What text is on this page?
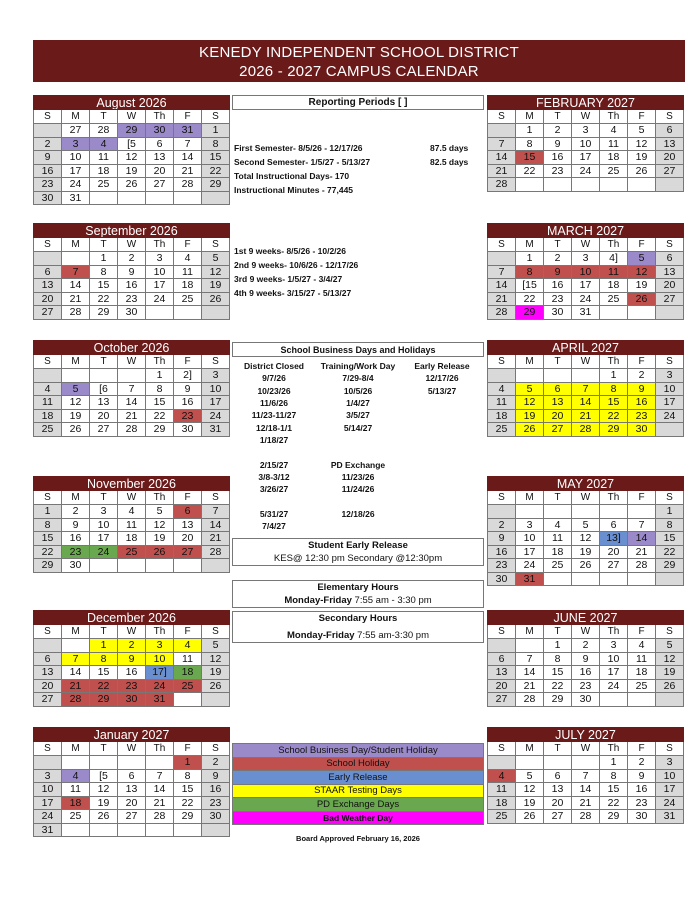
KENEDY INDEPENDENT SCHOOL DISTRICT
2026 - 2027 CAMPUS CALENDAR
August 2026						
S	M	T	W	Th	F	S
	27	28	29	30	31	1
2	3	4	[5	6	7	8
9	10	11	12	13	14	15
16	17	18	19	20	21	22
23	24	25	26	27	28	29
30	31					
September 2026						
S	M	T	W	Th	F	S
		1	2	3	4	5
6	7	8	9	10	11	12
13	14	15	16	17	18	19
20	21	22	23	24	25	26
27	28	29	30			
October 2026						
S	M	T	W	Th	F	S
				1	2]	3
4	5	[6	7	8	9	10
11	12	13	14	15	16	17
18	19	20	21	22	23	24
25	26	27	28	29	30	31
November 2026						
S	M	T	W	Th	F	S
1	2	3	4	5	6	7
8	9	10	11	12	13	14
15	16	17	18	19	20	21
22	23	24	25	26	27	28
29	30					
December 2026						
S	M	T	W	Th	F	S
		1	2	3	4	5
6	7	8	9	10	11	12
13	14	15	16	17]	18	19
20	21	22	23	24	25	26
27	28	29	30	31		
January 2027						
S	M	T	W	Th	F	S
					1	2
3	4	[5	6	7	8	9
10	11	12	13	14	15	16
17	18	19	20	21	22	23
24	25	26	27	28	29	30
31						
FEBRUARY 2027						
S	M	T	W	Th	F	S
	1	2	3	4	5	6
7	8	9	10	11	12	13
14	15	16	17	18	19	20
21	22	23	24	25	26	27
28						
MARCH 2027						
S	M	T	W	Th	F	S
	1	2	3	4]	5	6
7	8	9	10	11	12	13
14	[15	16	17	18	19	20
21	22	23	24	25	26	27
28	29	30	31			
APRIL 2027						
S	M	T	W	Th	F	S
				1	2	3
4	5	6	7	8	9	10
11	12	13	14	15	16	17
18	19	20	21	22	23	24
25	26	27	28	29	30	
MAY 2027						
S	M	T	W	Th	F	S
						1
2	3	4	5	6	7	8
9	10	11	12	13]	14	15
16	17	18	19	20	21	22
23	24	25	26	27	28	29
30	31					
JUNE 2027						
S	M	T	W	Th	F	S
		1	2	3	4	5
6	7	8	9	10	11	12
13	14	15	16	17	18	19
20	21	22	23	24	25	26
27	28	29	30			
JULY 2027						
S	M	T	W	Th	F	S
				1	2	3
4	5	6	7	8	9	10
11	12	13	14	15	16	17
18	19	20	21	22	23	24
25	26	27	28	29	30	31
Reporting Periods [ ]
First Semester- 8/5/26 - 12/17/26	87.5 days
Second Semester- 1/5/27 - 5/13/27	82.5 days
Total Instructional Days- 170
Instructional Minutes - 77,445
1st 9 weeks- 8/5/26 - 10/2/26
2nd 9 weeks- 10/6/26 - 12/17/26
3rd 9 weeks- 1/5/27 - 3/4/27
4th 9 weeks- 3/15/27 - 5/13/27
School Business Days and Holidays
District Closed	Training/Work Day	Early Release
9/7/26	7/29-8/4	12/17/26
10/23/26	10/5/26	5/13/27
11/6/26	1/4/27	
11/23-11/27	3/5/27	
12/18-1/1	5/14/27	
1/18/27		

2/15/27	PD Exchange	
3/8-3/12	11/23/26	
3/26/27	11/24/26	

5/31/27	12/18/26	
7/4/27		
Student Early Release
KES@ 12:30 pm Secondary @12:30pm
Elementary Hours
Monday-Friday 7:55 am - 3:30 pm
Secondary Hours
Monday-Friday 7:55 am-3:30 pm
School Business Day/Student Holiday
School Holiday
Early Release
STAAR Testing Days
PD Exchange Days
Bad Weather Day
Board Approved February 16, 2026
